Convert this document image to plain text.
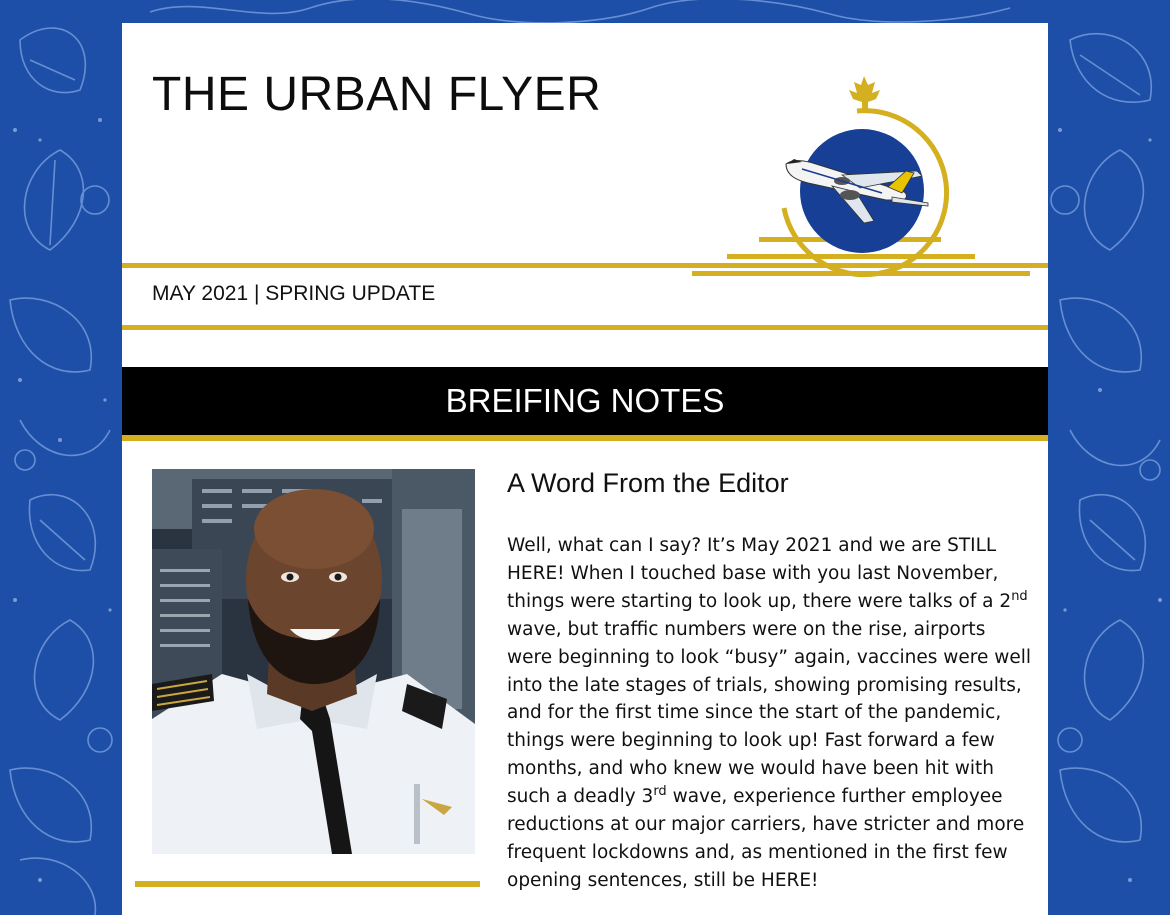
THE URBAN FLYER
MAY 2021 | SPRING UPDATE
BREIFING NOTES
A Word From the Editor
Well, what can I say? It’s May 2021 and we are STILL HERE! When I touched base with you last November, things were starting to look up, there were talks of a 2nd wave, but traffic numbers were on the rise, airports were beginning to look “busy” again, vaccines were well into the late stages of trials, showing promising results, and for the first time since the start of the pandemic, things were beginning to look up! Fast forward a few months, and who knew we would have been hit with such a deadly 3rd wave, experience further employee reductions at our major carriers, have stricter and more frequent lockdowns and, as mentioned in the first few opening sentences, still be HERE!
